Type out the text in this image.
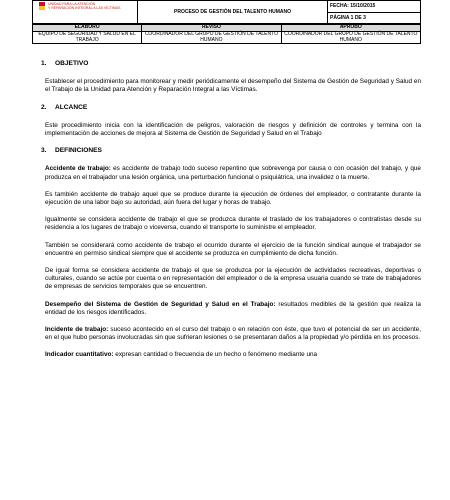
UNIDAD PARA LA ATENCIÓN
Y REPARACIÓN INTEGRAL A LAS VÍCTIMAS
	PROCESO DE GESTIÓN DEL TALENTO HUMANO	FECHA: 15/10/2015
PÁGINA 1 DE 3
ELABORÓ	REVISÓ	APROBÓ
EQUIPO DE SEGURIDAD Y SALUD EN EL TRABAJO	COORDINADOR DEL GRUPO DE GESTIÓN DE TALENTO HUMANO	COORDINADOR DEL GRUPO DE GESTIÓN DE TALENTO HUMANO
1. OBJETIVO
Establecer el procedimiento para monitorear y medir periódicamente el desempeño del Sistema de Gestión de Seguridad y Salud en el Trabajo de la Unidad para Atención y Reparación Integral a las Víctimas.
2. ALCANCE
Este procedimiento inicia con la identificación de peligros, valoración de riesgos y definición de controles y termina con la implementación de acciones de mejora al Sistema de Gestión de Seguridad y Salud en el Trabajo
3. DEFINICIONES
Accidente de trabajo: es accidente de trabajo todo suceso repentino que sobrevenga por causa o con ocasión del trabajo, y que produzca en el trabajador una lesión orgánica, una perturbación funcional o psiquiátrica, una invalidez o la muerte.
Es también accidente de trabajo aquel que se produce durante la ejecución de órdenes del empleador, o contratante durante la ejecución de una labor bajo su autoridad, aún fuera del lugar y horas de trabajo.
Igualmente se considera accidente de trabajo el que se produzca durante el traslado de los trabajadores o contratistas desde su residencia a los lugares de trabajo o viceversa, cuando el transporte lo suministre el empleador.
También se considerará como accidente de trabajo el ocurrido durante el ejercicio de la función sindical aunque el trabajador se encuentre en permiso sindical siempre que el accidente se produzca en cumplimiento de dicha función.
De igual forma se considera accidente de trabajo el que se produzca por la ejecución de actividades recreativas, deportivas o culturales, cuando se actúe por cuenta o en representación del empleador o de la empresa usuaria cuando se trate de trabajadores de empresas de servicios temporales que se encuentren.
Desempeño del Sistema de Gestión de Seguridad y Salud en el Trabajo: resultados medibles de la gestión que realiza la entidad de los riesgos identificados.
Incidente de trabajo: suceso acontecido en el curso del trabajo o en relación con éste, que tuvo el potencial de ser un accidente, en el que hubo personas involucradas sin que sufrieran lesiones o se presentaran daños a la propiedad y/o pérdida en los procesos.
Indicador cuantitativo: expresan cantidad o frecuencia de un hecho o fenómeno mediante una
